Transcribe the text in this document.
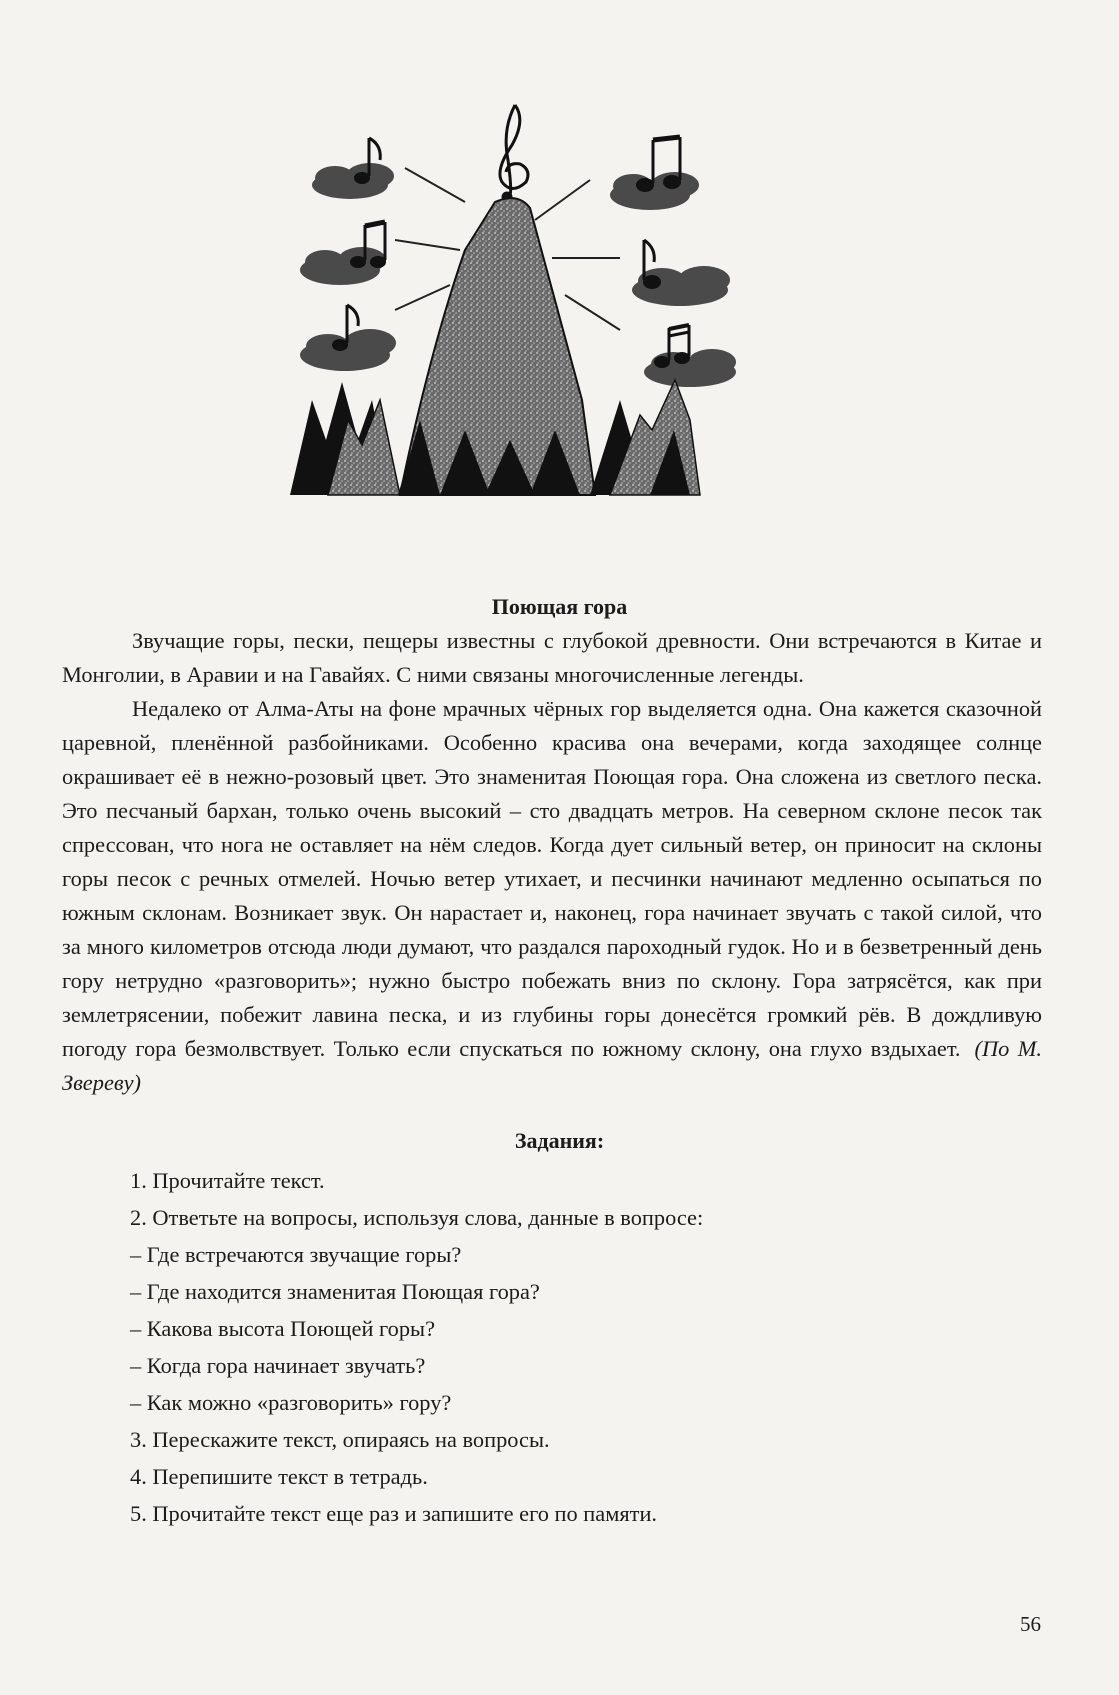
Поющая гора

Звучащие горы, пески, пещеры известны с глубокой древности. Они встречаются в Китае и Монголии, в Аравии и на Гавайях. С ними связаны многочисленные легенды.

Недалеко от Алма-Аты на фоне мрачных чёрных гор выделяется одна. Она кажется сказочной царевной, пленённой разбойниками. Особенно красива она вечерами, когда заходящее солнце окрашивает её в нежно-розовый цвет. Это знаменитая Поющая гора. Она сложена из светлого песка. Это песчаный бархан, только очень высокий – сто двадцать метров. На северном склоне песок так спрессован, что нога не оставляет на нём следов. Когда дует сильный ветер, он приносит на склоны горы песок с речных отмелей. Ночью ветер утихает, и песчинки начинают медленно осыпаться по южным склонам. Возникает звук. Он нарастает и, наконец, гора начинает звучать с такой силой, что за много километров отсюда люди думают, что раздался пароходный гудок. Но и в безветренный день гору нетрудно «разговорить»; нужно быстро побежать вниз по склону. Гора затрясётся, как при землетрясении, побежит лавина песка, и из глубины горы донесётся громкий рёв. В дождливую погоду гора безмолвствует. Только если спускаться по южному склону, она глухо вздыхает. (По М. Звереву)

Задания:
1. Прочитайте текст.
2. Ответьте на вопросы, используя слова, данные в вопросе:
– Где встречаются звучащие горы?
– Где находится знаменитая Поющая гора?
– Какова высота Поющей горы?
– Когда гора начинает звучать?
– Как можно «разговорить» гору?
3. Перескажите текст, опираясь на вопросы.
4. Перепишите текст в тетрадь.
5. Прочитайте текст еще раз и запишите его по памяти.
56
